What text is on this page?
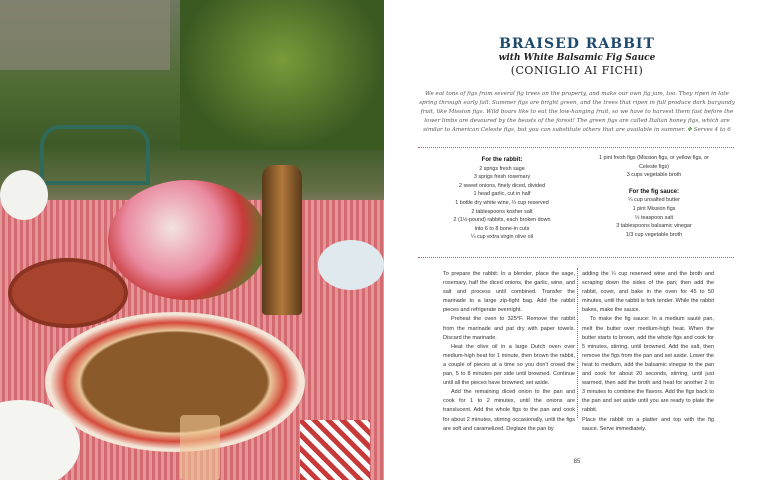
BRAISED RABBIT
with White Balsamic Fig Sauce
(CONIGLIO AI FICHI)
We eat tons of figs from several fig trees on the property, and make our own fig jam, too. They ripen in late spring through early fall. Summer figs are bright green, and the trees that ripen in full produce dark burgundy fruit, like Mission figs. Wild boars like to eat the low-hanging fruit, so we have to harvest them fast before the lower limbs are devoured by the beasts of the forest! The green figs are called Italian honey figs, which are similar to American Celeste figs, but you can substitute others that are available in summer. ✤ Serves 4 to 6
For the rabbit:
2 sprigs fresh sage
3 sprigs fresh rosemary
2 sweet onions, finely diced, divided
1 head garlic, cut in half
1 bottle dry white wine, ¼ cup reserved
2 tablespoons kosher salt
2 (1½-pound) rabbits, each broken down
into 6 to 8 bone-in cuts
¼ cup extra virgin olive oil
1 pint fresh figs (Mission figs, or yellow figs, or
Celeste figs)
3 cups vegetable broth
For the fig sauce:
¼ cup unsalted butter
1 pint Mission figs
½ teaspoon salt
3 tablespoons balsamic vinegar
1/3 cup vegetable broth

To prepare the rabbit: In a blender, place the sage, rosemary, half the diced onions, the garlic, wine, and salt and process until combined. Transfer the marinade to a large zip-tight bag. Add the rabbit pieces and refrigerate overnight.

Preheat the oven to 325°F. Remove the rabbit from the marinade and pat dry with paper towels. Discard the marinade.

Heat the olive oil in a large Dutch oven over medium-high heat for 1 minute, then brown the rabbit, a couple of pieces at a time so you don't crowd the pan, 5 to 8 minutes per side until browned. Continue until all the pieces have browned; set aside.

Add the remaining diced onion to the pan and cook for 1 to 2 minutes, until the onions are translucent. Add the whole figs to the pan and cook for about 2 minutes, stirring occasionally, until the figs are soft and caramelized. Deglaze the pan by

adding the ¼ cup reserved wine and the broth and scraping down the sides of the pan; then add the rabbit, cover, and bake in the oven for 45 to 50 minutes, until the rabbit is fork tender. While the rabbit bakes, make the sauce.

To make the fig sauce: In a medium sauté pan, melt the butter over medium-high heat. When the butter starts to brown, add the whole figs and cook for 5 minutes, stirring, until browned. Add the salt, then remove the figs from the pan and set aside. Lower the heat to medium, add the balsamic vinegar to the pan and cook for about 20 seconds, stirring, until just warmed, then add the broth and heat for another 2 to 3 minutes to combine the flavors. Add the figs back to the pan and set aside until you are ready to plate the rabbit.

Place the rabbit on a platter and top with the fig sauce. Serve immediately.

85
